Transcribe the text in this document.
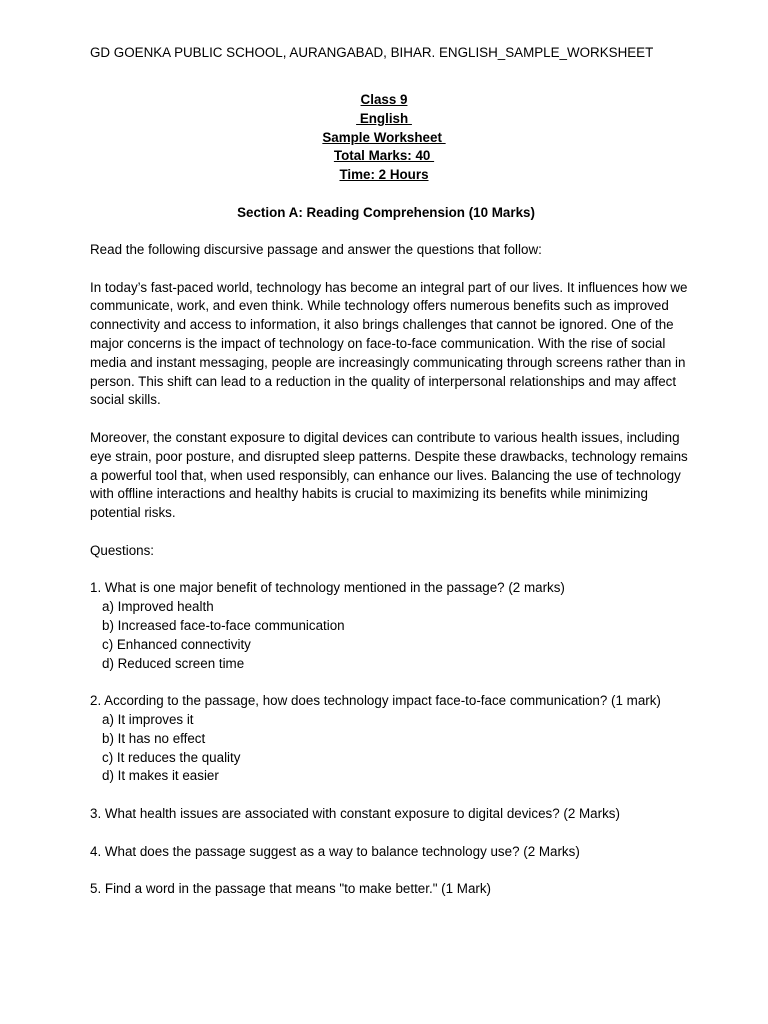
GD GOENKA PUBLIC SCHOOL, AURANGABAD, BIHAR. ENGLISH_SAMPLE_WORKSHEET
Class 9
English
Sample Worksheet
Total Marks: 40
Time: 2 Hours
Section A: Reading Comprehension (10 Marks)

Read the following discursive passage and answer the questions that follow:

In today’s fast-paced world, technology has become an integral part of our lives. It influences how we communicate, work, and even think. While technology offers numerous benefits such as improved connectivity and access to information, it also brings challenges that cannot be ignored. One of the major concerns is the impact of technology on face-to-face communication. With the rise of social media and instant messaging, people are increasingly communicating through screens rather than in person. This shift can lead to a reduction in the quality of interpersonal relationships and may affect social skills.

Moreover, the constant exposure to digital devices can contribute to various health issues, including eye strain, poor posture, and disrupted sleep patterns. Despite these drawbacks, technology remains a powerful tool that, when used responsibly, can enhance our lives. Balancing the use of technology with offline interactions and healthy habits is crucial to maximizing its benefits while minimizing potential risks.

Questions:

1. What is one major benefit of technology mentioned in the passage? (2 marks)
a) Improved health
b) Increased face-to-face communication
c) Enhanced connectivity
d) Reduced screen time
2. According to the passage, how does technology impact face-to-face communication? (1 mark)
a) It improves it
b) It has no effect
c) It reduces the quality
d) It makes it easier
3. What health issues are associated with constant exposure to digital devices? (2 Marks)
4. What does the passage suggest as a way to balance technology use? (2 Marks)
5. Find a word in the passage that means "to make better." (1 Mark)
